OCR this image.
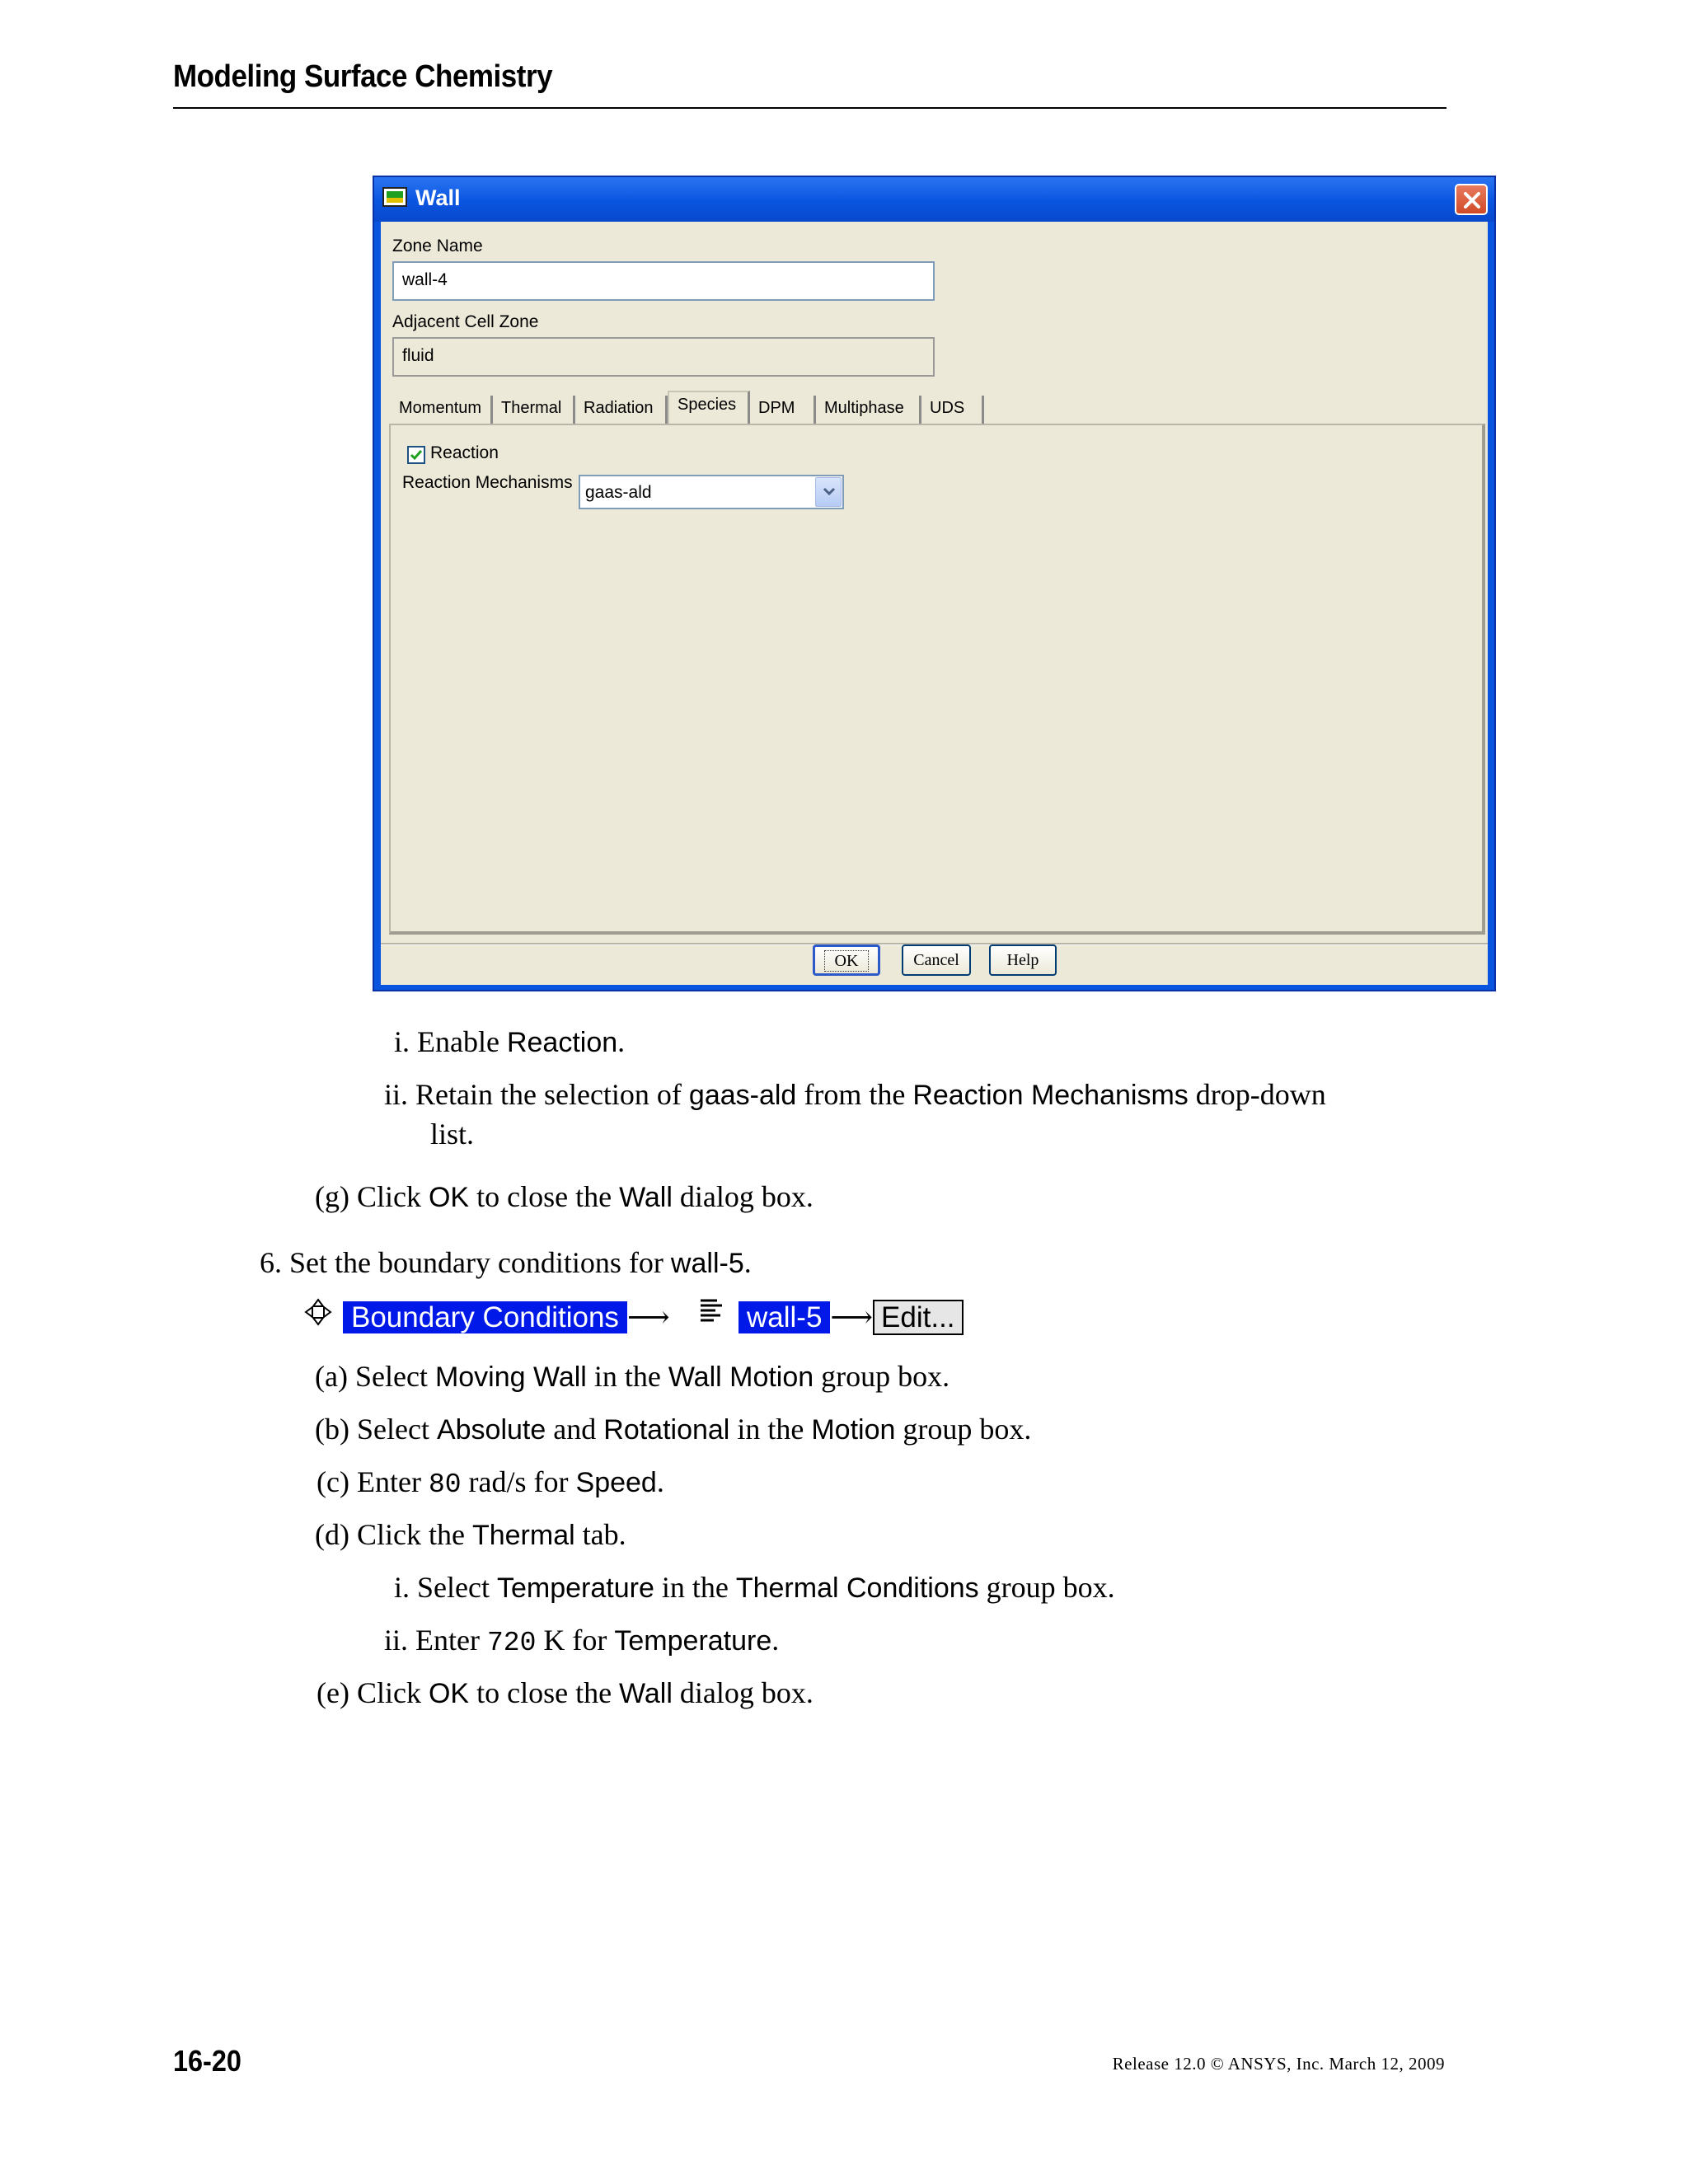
Modeling Surface Chemistry
Wall
Zone Name
wall-4
Adjacent Cell Zone
fluid
Momentum	Thermal	Radiation	Species	DPM	Multiphase	UDS
Reaction
Reaction Mechanisms
gaas-ald
OK	Cancel	Help
i. Enable Reaction.
ii. Retain the selection of gaas-ald from the Reaction Mechanisms drop-down
list.
(g) Click OK to close the Wall dialog box.
6. Set the boundary conditions for wall-5.
Boundary Conditions ⟶	wall-5 ⟶ Edit...
(a) Select Moving Wall in the Wall Motion group box.
(b) Select Absolute and Rotational in the Motion group box.
(c) Enter 80 rad/s for Speed.
(d) Click the Thermal tab.
i. Select Temperature in the Thermal Conditions group box.
ii. Enter 720 K for Temperature.
(e) Click OK to close the Wall dialog box.
16-20	Release 12.0 © ANSYS, Inc. March 12, 2009
